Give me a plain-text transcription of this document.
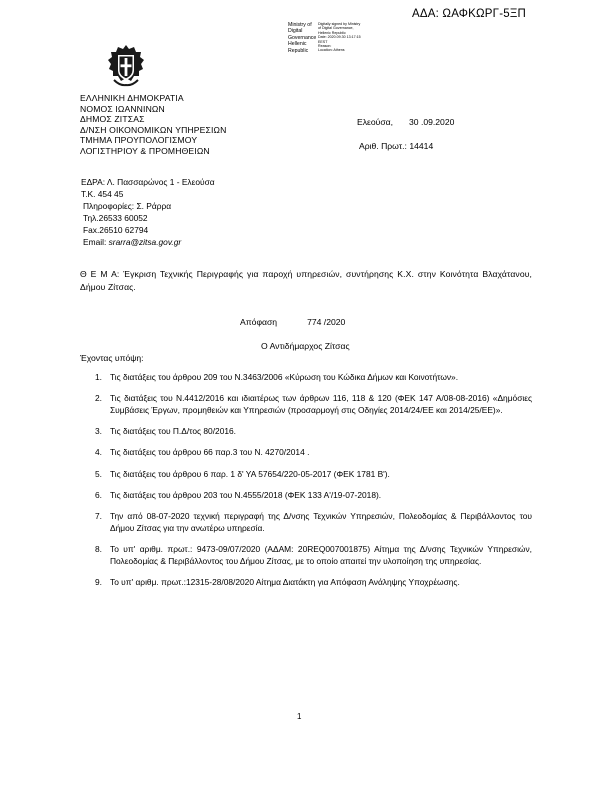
ΑΔΑ: ΩΑΦΚΩΡΓ-5ΞΠ
Ministry of Digital
Governance
Hellenic Republic
Digitally signed by Ministry
of Digital Governance,
Hellenic Republic
Date: 2020.09.30 13:17:15
EEST
Reason:
Location: Athens
ΕΛΛΗΝΙΚΗ ΔΗΜΟΚΡΑΤΙΑ
ΝΟΜΟΣ ΙΩΑΝΝΙΝΩΝ
ΔΗΜΟΣ ΖΙΤΣΑΣ
Δ/ΝΣΗ ΟΙΚΟΝΟΜΙΚΩΝ ΥΠΗΡΕΣΙΩΝ
ΤΜΗΜΑ ΠΡΟΥΠΟΛΟΓΙΣΜΟΥ
ΛΟΓΙΣΤΗΡΙΟΥ & ΠΡΟΜΗΘΕΙΩΝ
Ελεούσα, 30 .09.2020
Αριθ. Πρωτ.: 14414
ΕΔΡΑ: Λ. Πασσαρώνος 1 - Ελεούσα
Τ.Κ. 454 45
Πληροφορίες: Σ. Ράρρα
Τηλ.26533 60052
Fax.26510 62794
Email: srarra@zitsa.gov.gr
Θ Ε Μ Α: Έγκριση Τεχνικής Περιγραφής για παροχή υπηρεσιών, συντήρησης Κ.Χ. στην Κοινότητα Βλαχάτανου, Δήμου Ζίτσας.
Απόφαση	774 /2020
Ο Αντιδήμαρχος Ζίτσας
Έχοντας υπόψη:
1. Τις διατάξεις του άρθρου 209 του Ν.3463/2006 «Κύρωση του Κώδικα Δήμων και Κοινοτήτων».
2. Τις διατάξεις του Ν.4412/2016 και ιδιαιτέρως των άρθρων 116, 118 & 120 (ΦΕΚ 147 Α/08-08-2016) «Δημόσιες Συμβάσεις Έργων, προμηθειών και Υπηρεσιών (προσαρμογή στις Οδηγίες 2014/24/ΕΕ και 2014/25/ΕΕ)».
3. Τις διατάξεις του Π.Δ/τος 80/2016.
4. Τις διατάξεις του άρθρου 66 παρ.3 του Ν. 4270/2014 .
5. Τις διατάξεις του άρθρου 6 παρ. 1 δ' ΥΑ 57654/220-05-2017 (ΦΕΚ 1781 Β').
6. Τις διατάξεις του άρθρου 203 του Ν.4555/2018 (ΦΕΚ 133 Α'/19-07-2018).
7. Την από 08-07-2020 τεχνική περιγραφή της Δ/νσης Τεχνικών Υπηρεσιών, Πολεοδομίας & Περιβάλλοντος του Δήμου Ζίτσας για την ανωτέρω υπηρεσία.
8. Το υπ' αριθμ. πρωτ.: 9473-09/07/2020 (ΑΔΑΜ: 20REQ007001875) Αίτημα της Δ/νσης Τεχνικών Υπηρεσιών, Πολεοδομίας & Περιβάλλοντος του Δήμου Ζίτσας, με το οποίο απαιτεί την υλοποίηση της υπηρεσίας.
9. Το υπ' αριθμ. πρωτ.:12315-28/08/2020 Αίτημα Διατάκτη για Απόφαση Ανάληψης Υποχρέωσης.
1
